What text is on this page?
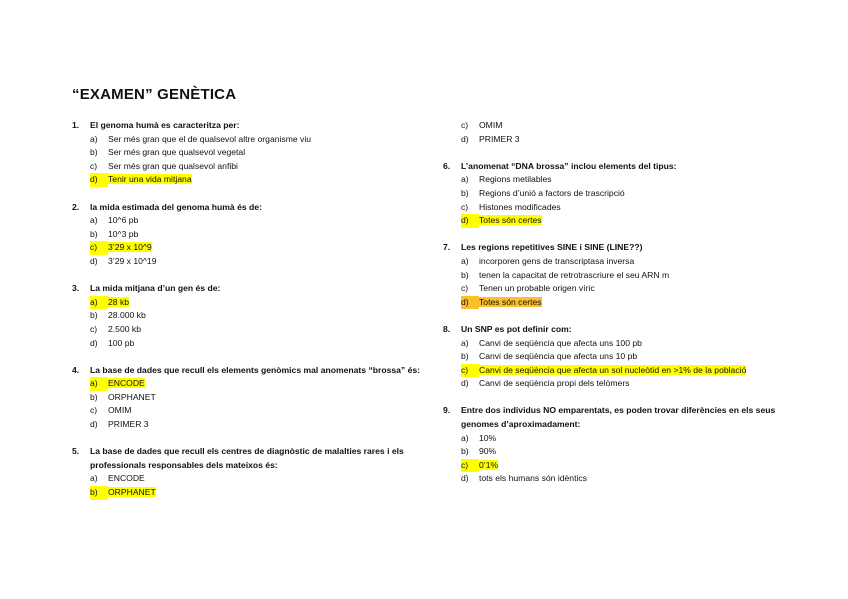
“EXAMEN” GENÈTICA
1.	El genoma humà es caracteritza per:
a)	Ser més gran que el de qualsevol altre organisme viu
b)	Ser més gran que qualsevol vegetal
c)	Ser més gran que qualsevol anfibi
d)	Tenir una vida mitjana
2.	la mida estimada del genoma humà és de:
a)	10^6 pb
b)	10^3 pb
c)	3’29 x 10^9
d)	3’29 x 10^19
3.	La mida mitjana d’un gen és de:
a)	28 kb
b)	28.000 kb
c)	2.500 kb
d)	100 pb
4.	La base de dades que recull els elements genòmics mal anomenats “brossa” és:
a)	ENCODE
b)	ORPHANET
c)	OMIM
d)	PRIMER 3
5.	La base de dades que recull els centres de diagnòstic de malalties rares i els professionals responsables dels mateixos és:
a)	ENCODE
b)	ORPHANET
c)	OMIM
d)	PRIMER 3
6.	L’anomenat “DNA brossa” inclou elements del tipus:
a)	Regions metilables
b)	Regions d’unió a factors de trascripció
c)	Histones modificades
d)	Totes són certes
7.	Les regions repetitives SINE i SINE (LINE??)
a)	incorporen gens de transcriptasa inversa
b)	tenen la capacitat de retrotrascriure el seu ARN m
c)	Tenen un probable origen víric
d)	Totes són certes
8.	Un SNP es pot definir com:
a)	Canvi de seqüència que afecta uns 100 pb
b)	Canvi de seqüència que afecta uns 10 pb
c)	Canvi de seqüència que afecta un sol nucleòtid en >1% de la població
d)	Canvi de seqüència propi dels telòmers
9.	Entre dos individus NO emparentats, es poden trovar diferències en els seus genomes d’aproximadament:
a)	10%
b)	90%
c)	0’1%
d)	tots els humans són idèntics
